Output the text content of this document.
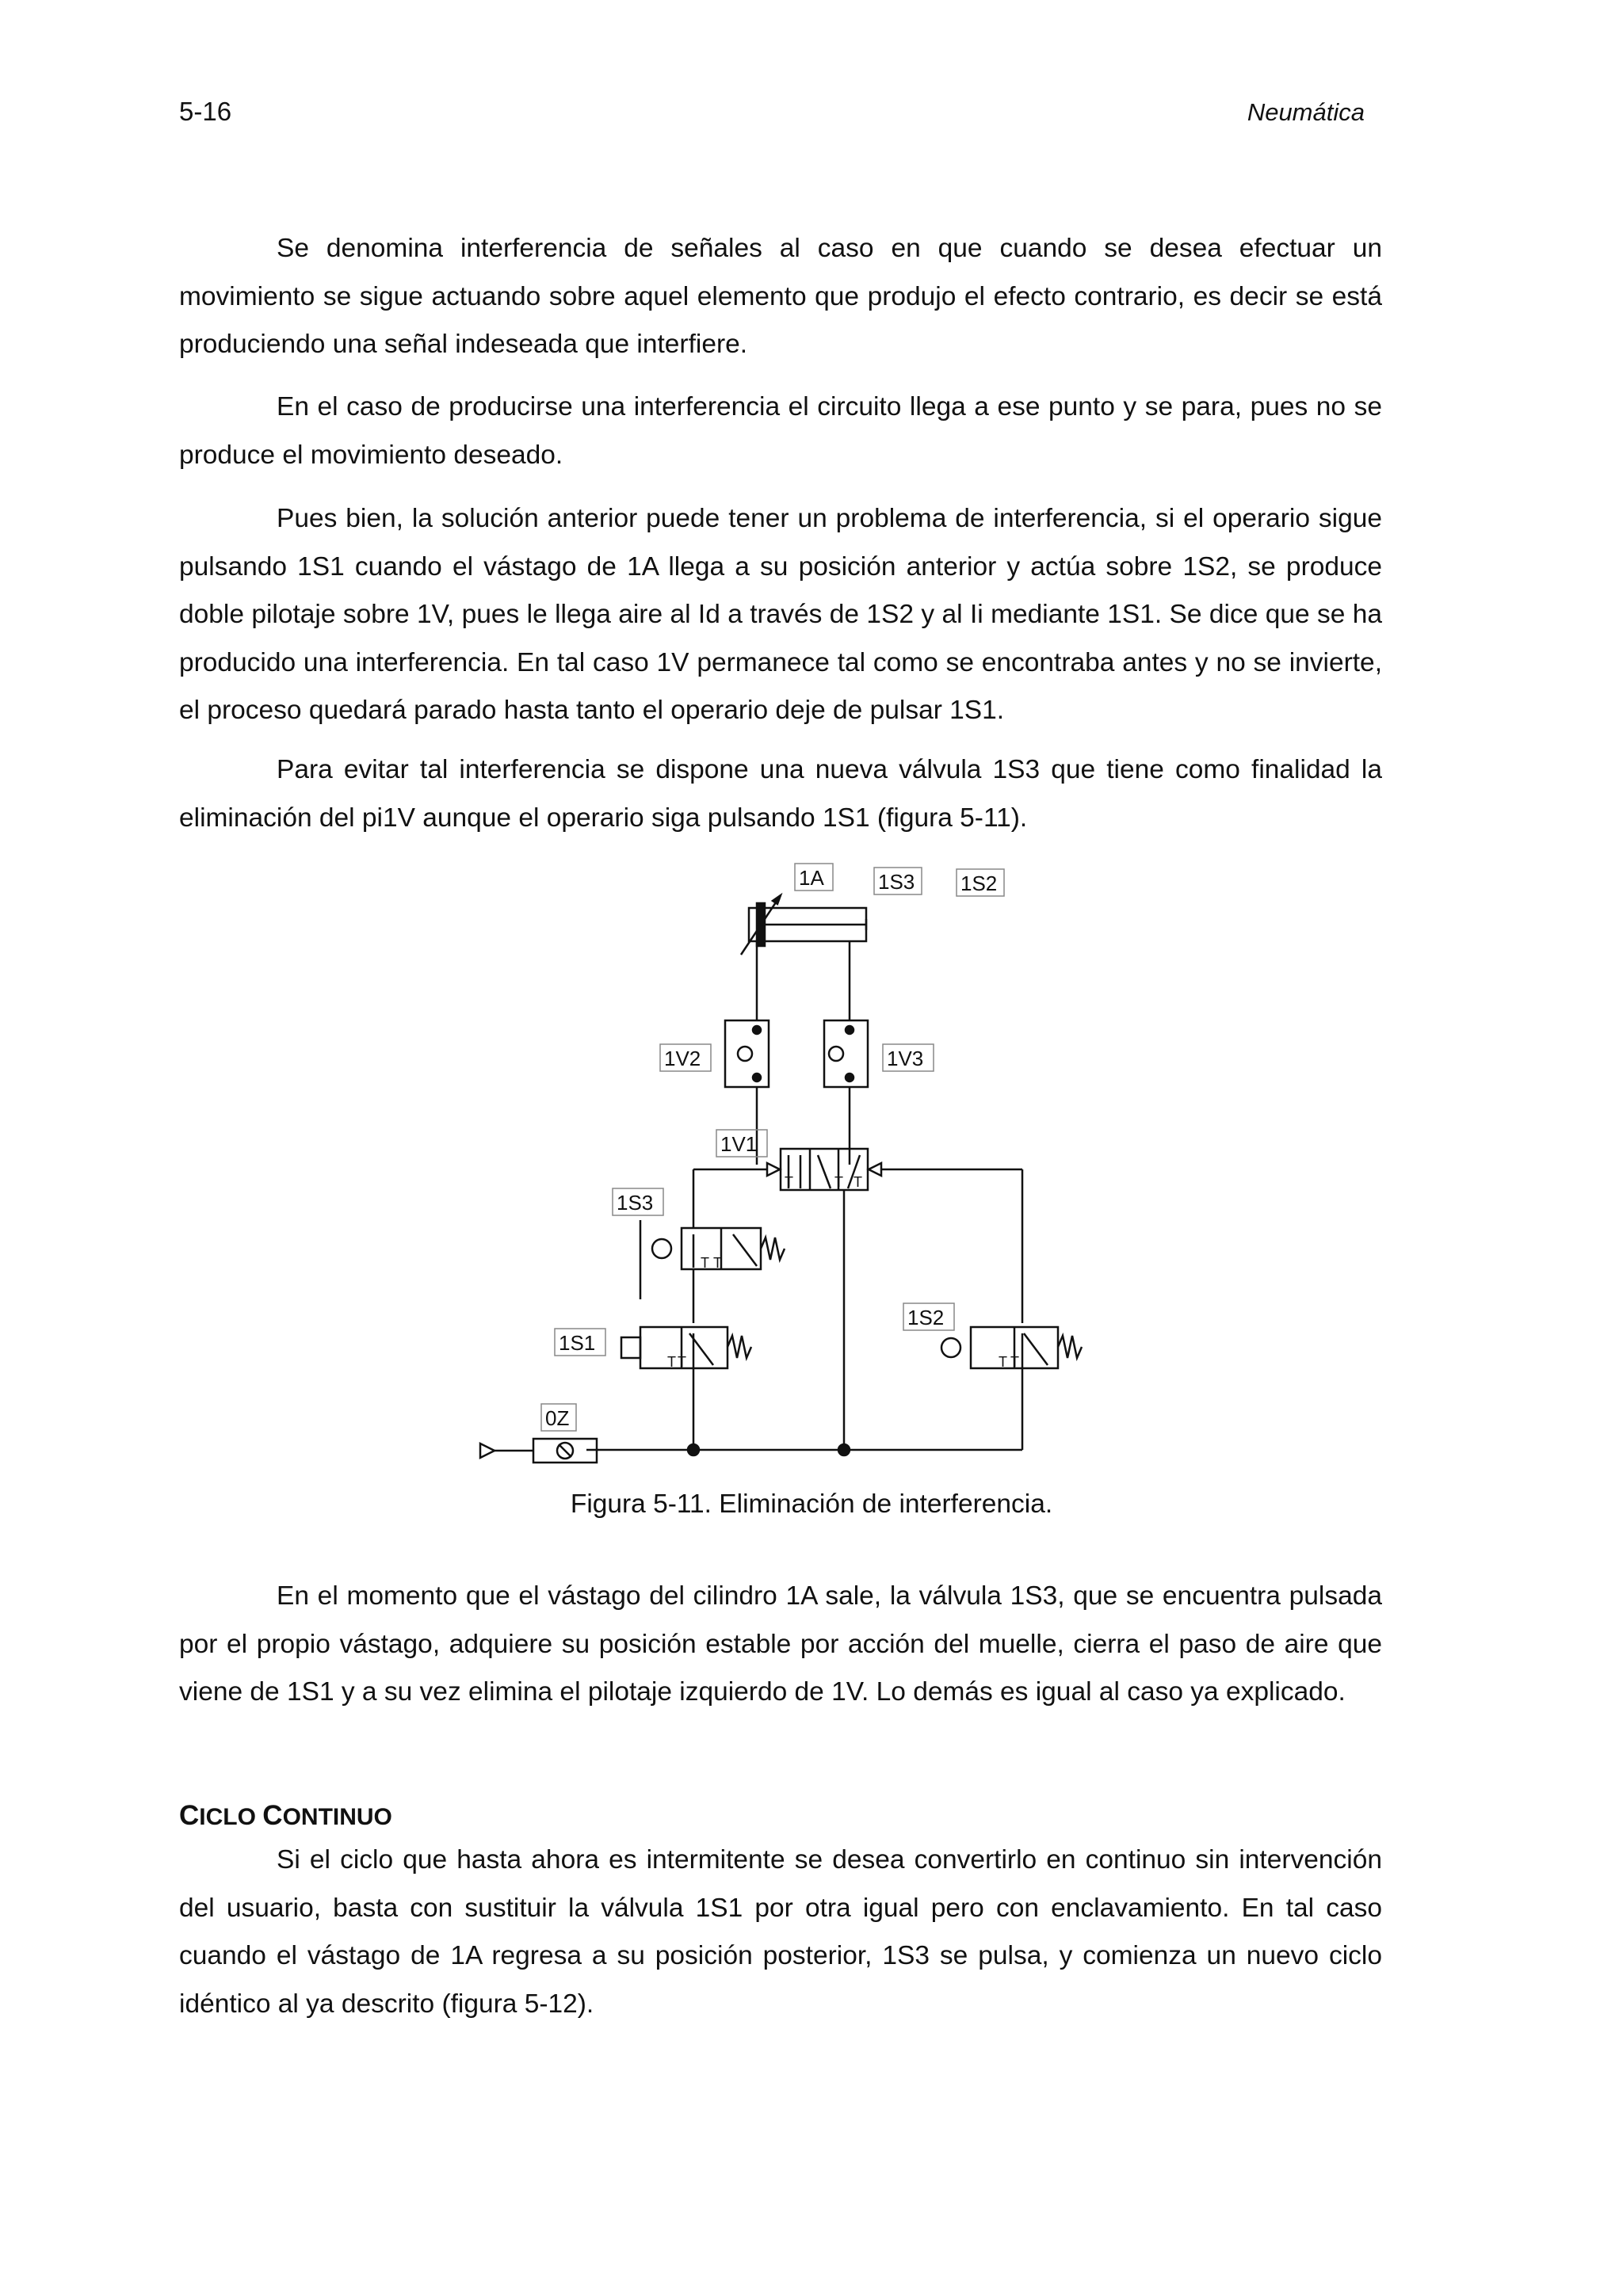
5-16	Neumática

Se denomina interferencia de señales al caso en que cuando se desea efectuar un movimiento se sigue actuando sobre aquel elemento que produjo el efecto contrario, es decir se está produciendo una señal indeseada que interfiere.

En el caso de producirse una interferencia el circuito llega a ese punto y se para, pues no se produce el movimiento deseado.

Pues bien, la solución anterior puede tener un problema de interferencia, si el operario sigue pulsando 1S1 cuando el vástago de 1A llega a su posición anterior y actúa sobre 1S2, se produce doble pilotaje sobre 1V, pues le llega aire al Id a través de 1S2 y al Ii mediante 1S1. Se dice que se ha producido una interferencia. En tal caso 1V permanece tal como se encontraba antes y no se invierte, el proceso quedará parado hasta tanto el operario deje de pulsar 1S1.

Para evitar tal interferencia se dispone una nueva válvula 1S3 que tiene como finalidad la eliminación del pi1V aunque el operario siga pulsando 1S1 (figura 5-11).

1A	1S3 1S2
1V2	1V3
1V1
1S3
1S1
1S2
0Z
T	T T
T T
T T	T T
Figura 5-11. Eliminación de interferencia.

En el momento que el vástago del cilindro 1A sale, la válvula 1S3, que se encuentra pulsada por el propio vástago, adquiere su posición estable por acción del muelle, cierra el paso de aire que viene de 1S1 y a su vez elimina el pilotaje izquierdo de 1V. Lo demás es igual al caso ya explicado.

CICLO CONTINUO

Si el ciclo que hasta ahora es intermitente se desea convertirlo en continuo sin intervención del usuario, basta con sustituir la válvula 1S1 por otra igual pero con enclavamiento. En tal caso cuando el vástago de 1A regresa a su posición posterior, 1S3 se pulsa, y comienza un nuevo ciclo idéntico al ya descrito (figura 5-12).
